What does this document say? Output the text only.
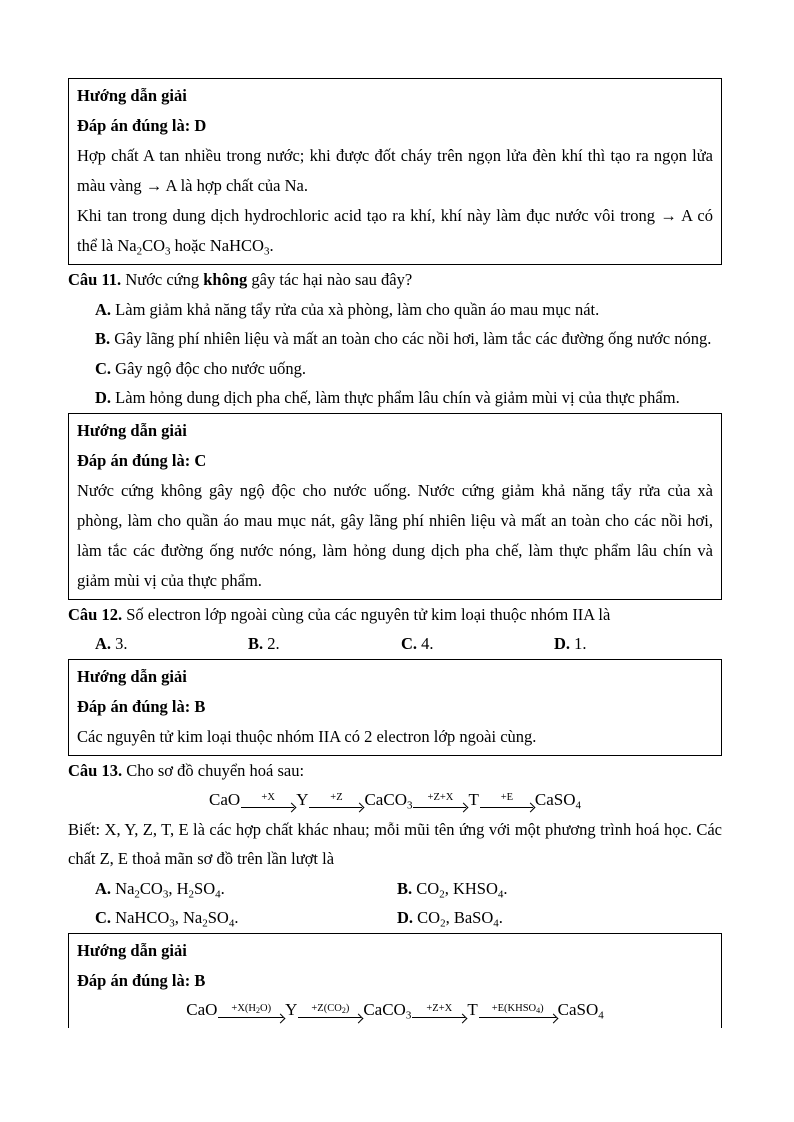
Hướng dẫn giải

Đáp án đúng là: D

Hợp chất A tan nhiều trong nước; khi được đốt cháy trên ngọn lửa đèn khí thì tạo ra ngọn lửa màu vàng → A là hợp chất của Na.

Khi tan trong dung dịch hydrochloric acid tạo ra khí, khí này làm đục nước vôi trong → A có thể là $Na_2CO_3$ hoặc NaHCO$_3$.

Câu 11. Nước cứng không gây tác hại nào sau đây?

A. Làm giảm khả năng tẩy rửa của xà phòng, làm cho quần áo mau mục nát.

B. Gây lãng phí nhiên liệu và mất an toàn cho các nồi hơi, làm tắc các đường ống nước nóng.

C. Gây ngộ độc cho nước uống.

D. Làm hỏng dung dịch pha chế, làm thực phẩm lâu chín và giảm mùi vị của thực phẩm.

Hướng dẫn giải

Đáp án đúng là: C

Nước cứng không gây ngộ độc cho nước uống. Nước cứng giảm khả năng tẩy rửa của xà phòng, làm cho quần áo mau mục nát, gây lãng phí nhiên liệu và mất an toàn cho các nồi hơi, làm tắc các đường ống nước nóng, làm hỏng dung dịch pha chế, làm thực phẩm lâu chín và giảm mùi vị của thực phẩm.

Câu 12. Số electron lớp ngoài cùng của các nguyên tử kim loại thuộc nhóm IIA là

A. 3.	B. 2.	C. 4.	D. 1.

Hướng dẫn giải

Đáp án đúng là: B

Các nguyên tử kim loại thuộc nhóm IIA có 2 electron lớp ngoài cùng.

Câu 13. Cho sơ đồ chuyển hoá sau:

CaO	+X	Y	+Z	CaCO$_3$
+Z+X T	+E	CaSO$_4$

Biết: X, Y, Z, T, E là các hợp chất khác nhau; mỗi mũi tên ứng với một phương trình hoá học. Các chất Z, E thoả mãn sơ đồ trên lần lượt là

A. $Na_2CO_3$, $H_2SO_4$.	B. $CO_2$, $KHSO_4$.
C. NaHCO$_3$, $Na_2SO_4$.	D. $CO_2$, BaSO$_4$.

Hướng dẫn giải

Đáp án đúng là: B

CaO	$+X(H_2O)$ Y	$+Z(CO_2)$ CaCO$_3$
+Z+X T	$+E(KHSO_4)$ CaSO$_4$
